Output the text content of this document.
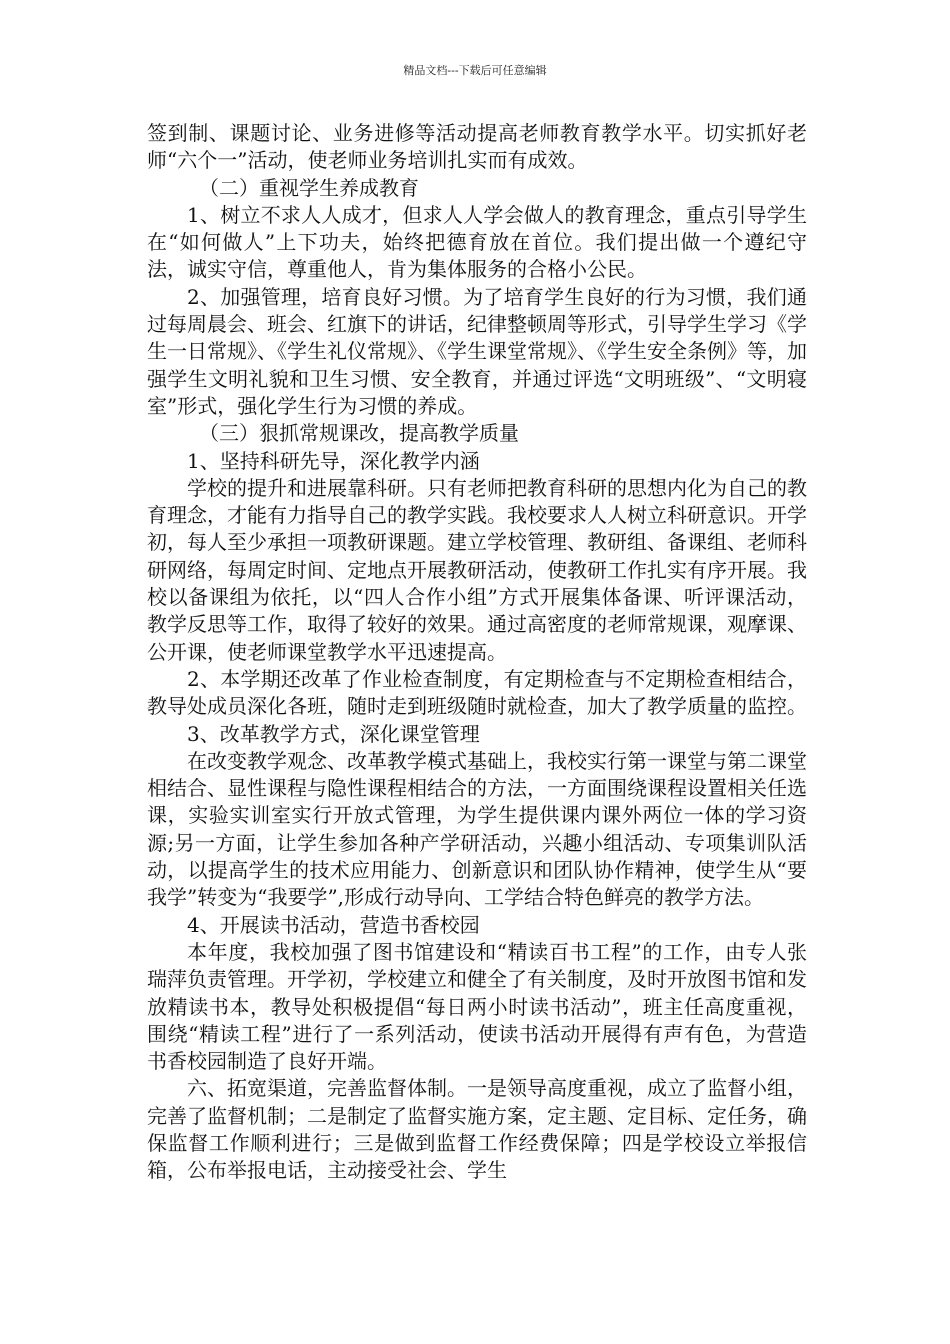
精品文档---下载后可任意编辑

签到制、课题讨论、业务进修等活动提高老师教育教学水平。切实抓好老师“六个一”活动，使老师业务培训扎实而有成效。

（二）重视学生养成教育

1、树立不求人人成才，但求人人学会做人的教育理念，重点引导学生在“如何做人”上下功夫，始终把德育放在首位。我们提出做一个遵纪守法，诚实守信，尊重他人，肯为集体服务的合格小公民。

2、加强管理，培育良好习惯。为了培育学生良好的行为习惯，我们通过每周晨会、班会、红旗下的讲话，纪律整顿周等形式，引导学生学习《学生一日常规》、《学生礼仪常规》、《学生课堂常规》、《学生安全条例》等，加强学生文明礼貌和卫生习惯、安全教育，并通过评选“文明班级”、“文明寝室”形式，强化学生行为习惯的养成。

（三）狠抓常规课改，提高教学质量

1、坚持科研先导，深化教学内涵

学校的提升和进展靠科研。只有老师把教育科研的思想内化为自己的教育理念，才能有力指导自己的教学实践。我校要求人人树立科研意识。开学初，每人至少承担一项教研课题。建立学校管理、教研组、备课组、老师科研网络，每周定时间、定地点开展教研活动，使教研工作扎实有序开展。我校以备课组为依托，以“四人合作小组”方式开展集体备课、听评课活动，教学反思等工作，取得了较好的效果。通过高密度的老师常规课，观摩课、公开课，使老师课堂教学水平迅速提高。

2、本学期还改革了作业检查制度，有定期检查与不定期检查相结合，教导处成员深化各班，随时走到班级随时就检查，加大了教学质量的监控。

3、改革教学方式，深化课堂管理

在改变教学观念、改革教学模式基础上，我校实行第一课堂与第二课堂相结合、显性课程与隐性课程相结合的方法，一方面围绕课程设置相关任选课，实验实训室实行开放式管理，为学生提供课内课外两位一体的学习资源;另一方面，让学生参加各种产学研活动，兴趣小组活动、专项集训队活动，以提高学生的技术应用能力、创新意识和团队协作精神，使学生从“要我学”转变为“我要学”,形成行动导向、工学结合特色鲜亮的教学方法。

4、开展读书活动，营造书香校园

本年度，我校加强了图书馆建设和“精读百书工程”的工作，由专人张瑞萍负责管理。开学初，学校建立和健全了有关制度，及时开放图书馆和发放精读书本，教导处积极提倡“每日两小时读书活动”，班主任高度重视，围绕“精读工程”进行了一系列活动，使读书活动开展得有声有色，为营造书香校园制造了良好开端。

六、拓宽渠道，完善监督体制。一是领导高度重视，成立了监督小组，完善了监督机制；二是制定了监督实施方案，定主题、定目标、定任务，确保监督工作顺利进行；三是做到监督工作经费保障；四是学校设立举报信箱，公布举报电话，主动接受社会、学生
